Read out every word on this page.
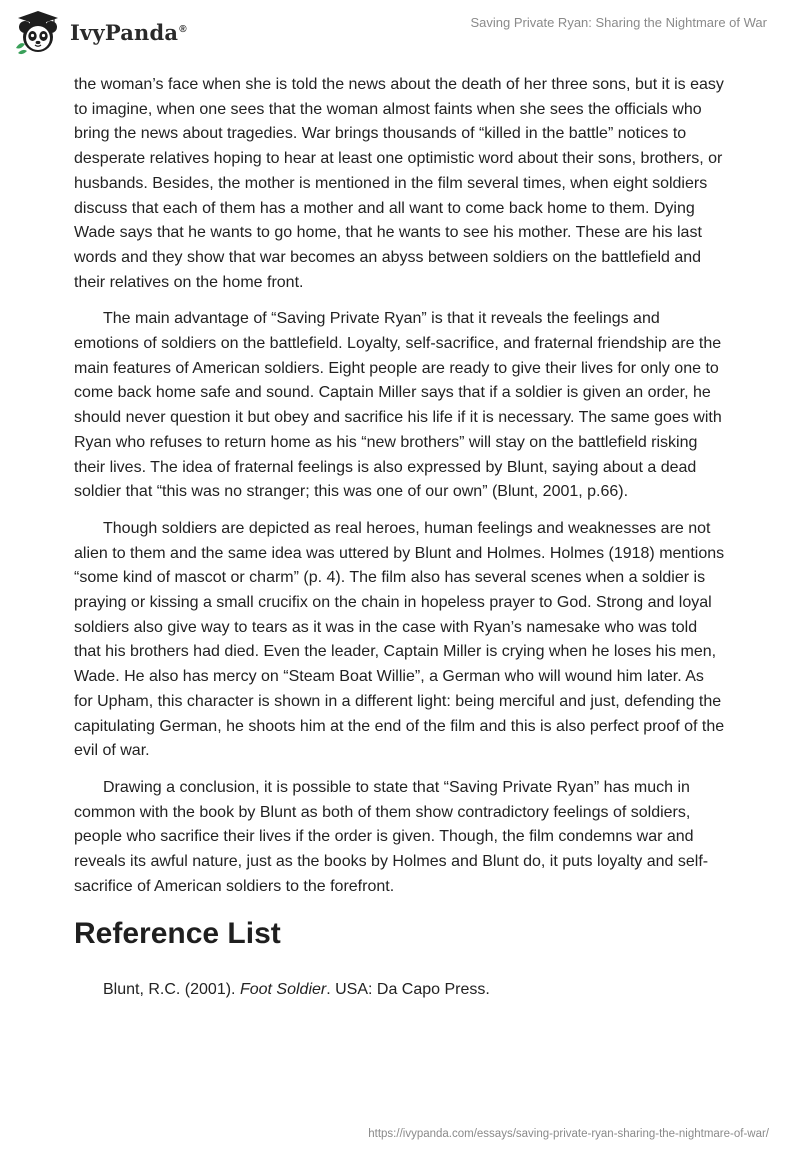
IvyPanda®	Saving Private Ryan: Sharing the Nightmare of War

the woman’s face when she is told the news about the death of her three sons, but it is easy to imagine, when one sees that the woman almost faints when she sees the officials who bring the news about tragedies. War brings thousands of “killed in the battle” notices to desperate relatives hoping to hear at least one optimistic word about their sons, brothers, or husbands. Besides, the mother is mentioned in the film several times, when eight soldiers discuss that each of them has a mother and all want to come back home to them. Dying Wade says that he wants to go home, that he wants to see his mother. These are his last words and they show that war becomes an abyss between soldiers on the battlefield and their relatives on the home front.

The main advantage of “Saving Private Ryan” is that it reveals the feelings and emotions of soldiers on the battlefield. Loyalty, self-sacrifice, and fraternal friendship are the main features of American soldiers. Eight people are ready to give their lives for only one to come back home safe and sound. Captain Miller says that if a soldier is given an order, he should never question it but obey and sacrifice his life if it is necessary. The same goes with Ryan who refuses to return home as his “new brothers” will stay on the battlefield risking their lives. The idea of fraternal feelings is also expressed by Blunt, saying about a dead soldier that “this was no stranger; this was one of our own” (Blunt, 2001, p.66).

Though soldiers are depicted as real heroes, human feelings and weaknesses are not alien to them and the same idea was uttered by Blunt and Holmes. Holmes (1918) mentions “some kind of mascot or charm” (p. 4). The film also has several scenes when a soldier is praying or kissing a small crucifix on the chain in hopeless prayer to God. Strong and loyal soldiers also give way to tears as it was in the case with Ryan’s namesake who was told that his brothers had died. Even the leader, Captain Miller is crying when he loses his men, Wade. He also has mercy on “Steam Boat Willie”, a German who will wound him later. As for Upham, this character is shown in a different light: being merciful and just, defending the capitulating German, he shoots him at the end of the film and this is also perfect proof of the evil of war.

Drawing a conclusion, it is possible to state that “Saving Private Ryan” has much in common with the book by Blunt as both of them show contradictory feelings of soldiers, people who sacrifice their lives if the order is given. Though, the film condemns war and reveals its awful nature, just as the books by Holmes and Blunt do, it puts loyalty and self-sacrifice of American soldiers to the forefront.

Reference List
Blunt, R.C. (2001). Foot Soldier. USA: Da Capo Press.
https://ivypanda.com/essays/saving-private-ryan-sharing-the-nightmare-of-war/
